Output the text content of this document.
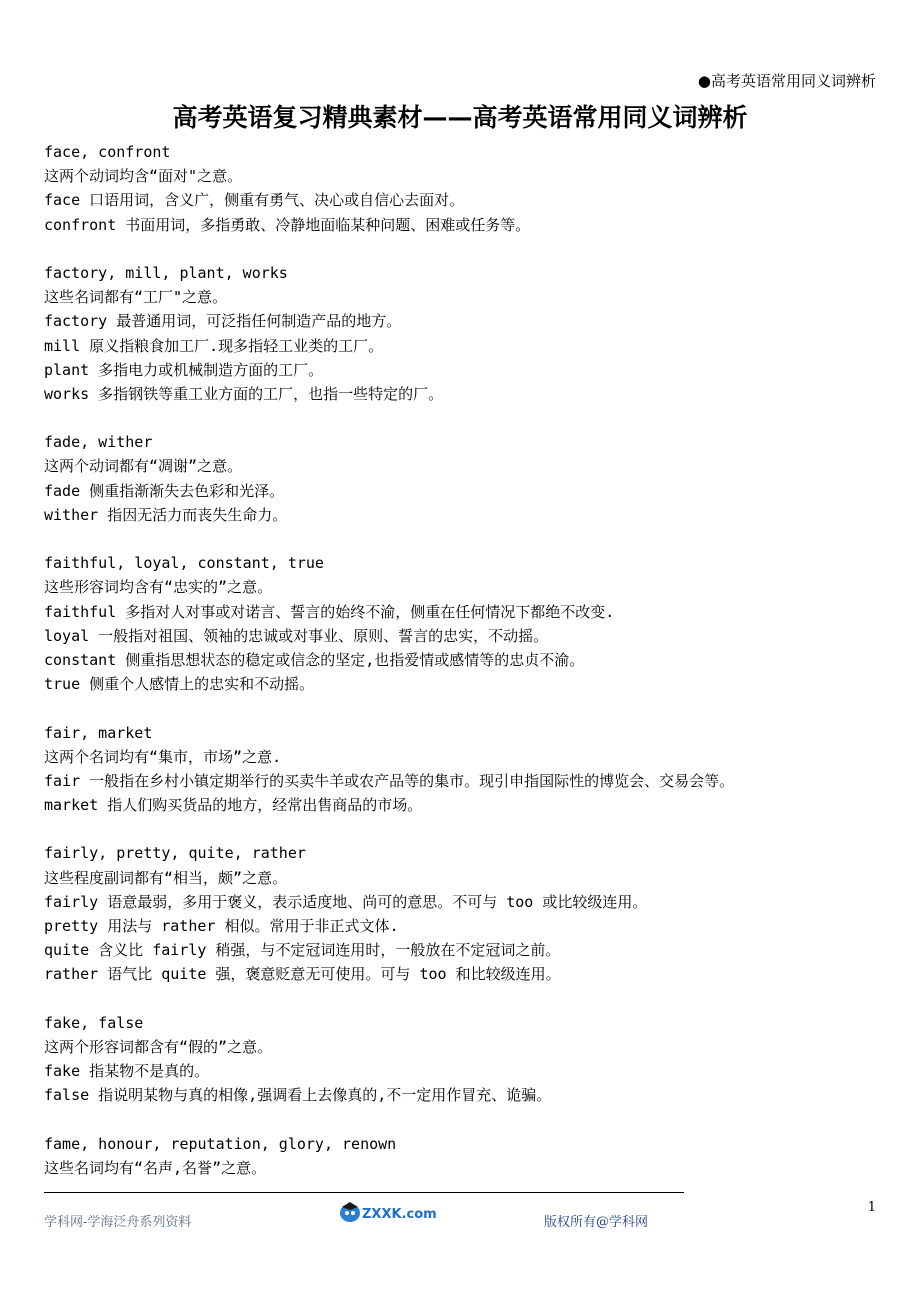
●高考英语常用同义词辨析
高考英语复习精典素材——高考英语常用同义词辨析
face, confront
这两个动词均含“面对"之意。
face 口语用词，含义广，侧重有勇气、决心或自信心去面对。
confront 书面用词，多指勇敢、冷静地面临某种问题、困难或任务等。
factory, mill, plant, works
这些名词都有“工厂"之意。
factory 最普通用词，可泛指任何制造产品的地方。
mill 原义指粮食加工厂.现多指轻工业类的工厂。
plant 多指电力或机械制造方面的工厂。
works 多指钢铁等重工业方面的工厂，也指一些特定的厂。
fade, wither
这两个动词都有“凋谢”之意。
fade 侧重指渐渐失去色彩和光泽。
wither 指因无活力而丧失生命力。
faithful, loyal, constant, true
这些形容词均含有“忠实的”之意。
faithful 多指对人对事或对诺言、誓言的始终不渝，侧重在任何情况下都绝不改变.
loyal 一般指对祖国、领袖的忠诚或对事业、原则、誓言的忠实，不动摇。
constant 侧重指思想状态的稳定或信念的坚定,也指爱情或感情等的忠贞不渝。
true 侧重个人感情上的忠实和不动摇。
fair, market
这两个名词均有“集市，市场”之意.
fair 一般指在乡村小镇定期举行的买卖牛羊或农产品等的集市。现引申指国际性的博览会、交易会等。
market 指人们购买货品的地方，经常出售商品的市场。
fairly, pretty, quite, rather
这些程度副词都有“相当，颇”之意。
fairly 语意最弱，多用于褒义，表示适度地、尚可的意思。不可与 too 或比较级连用。
pretty 用法与 rather 相似。常用于非正式文体.
quite 含义比 fairly 稍强，与不定冠词连用时，一般放在不定冠词之前。
rather 语气比 quite 强，褒意贬意无可使用。可与 too 和比较级连用。
fake, false
这两个形容词都含有“假的”之意。
fake 指某物不是真的。
false 指说明某物与真的相像,强调看上去像真的,不一定用作冒充、诡骗。
fame, honour, reputation, glory, renown
这些名词均有“名声,名誉”之意。
1
学科网-学海泛舟系列资料
ZXXK.com
版权所有@学科网
